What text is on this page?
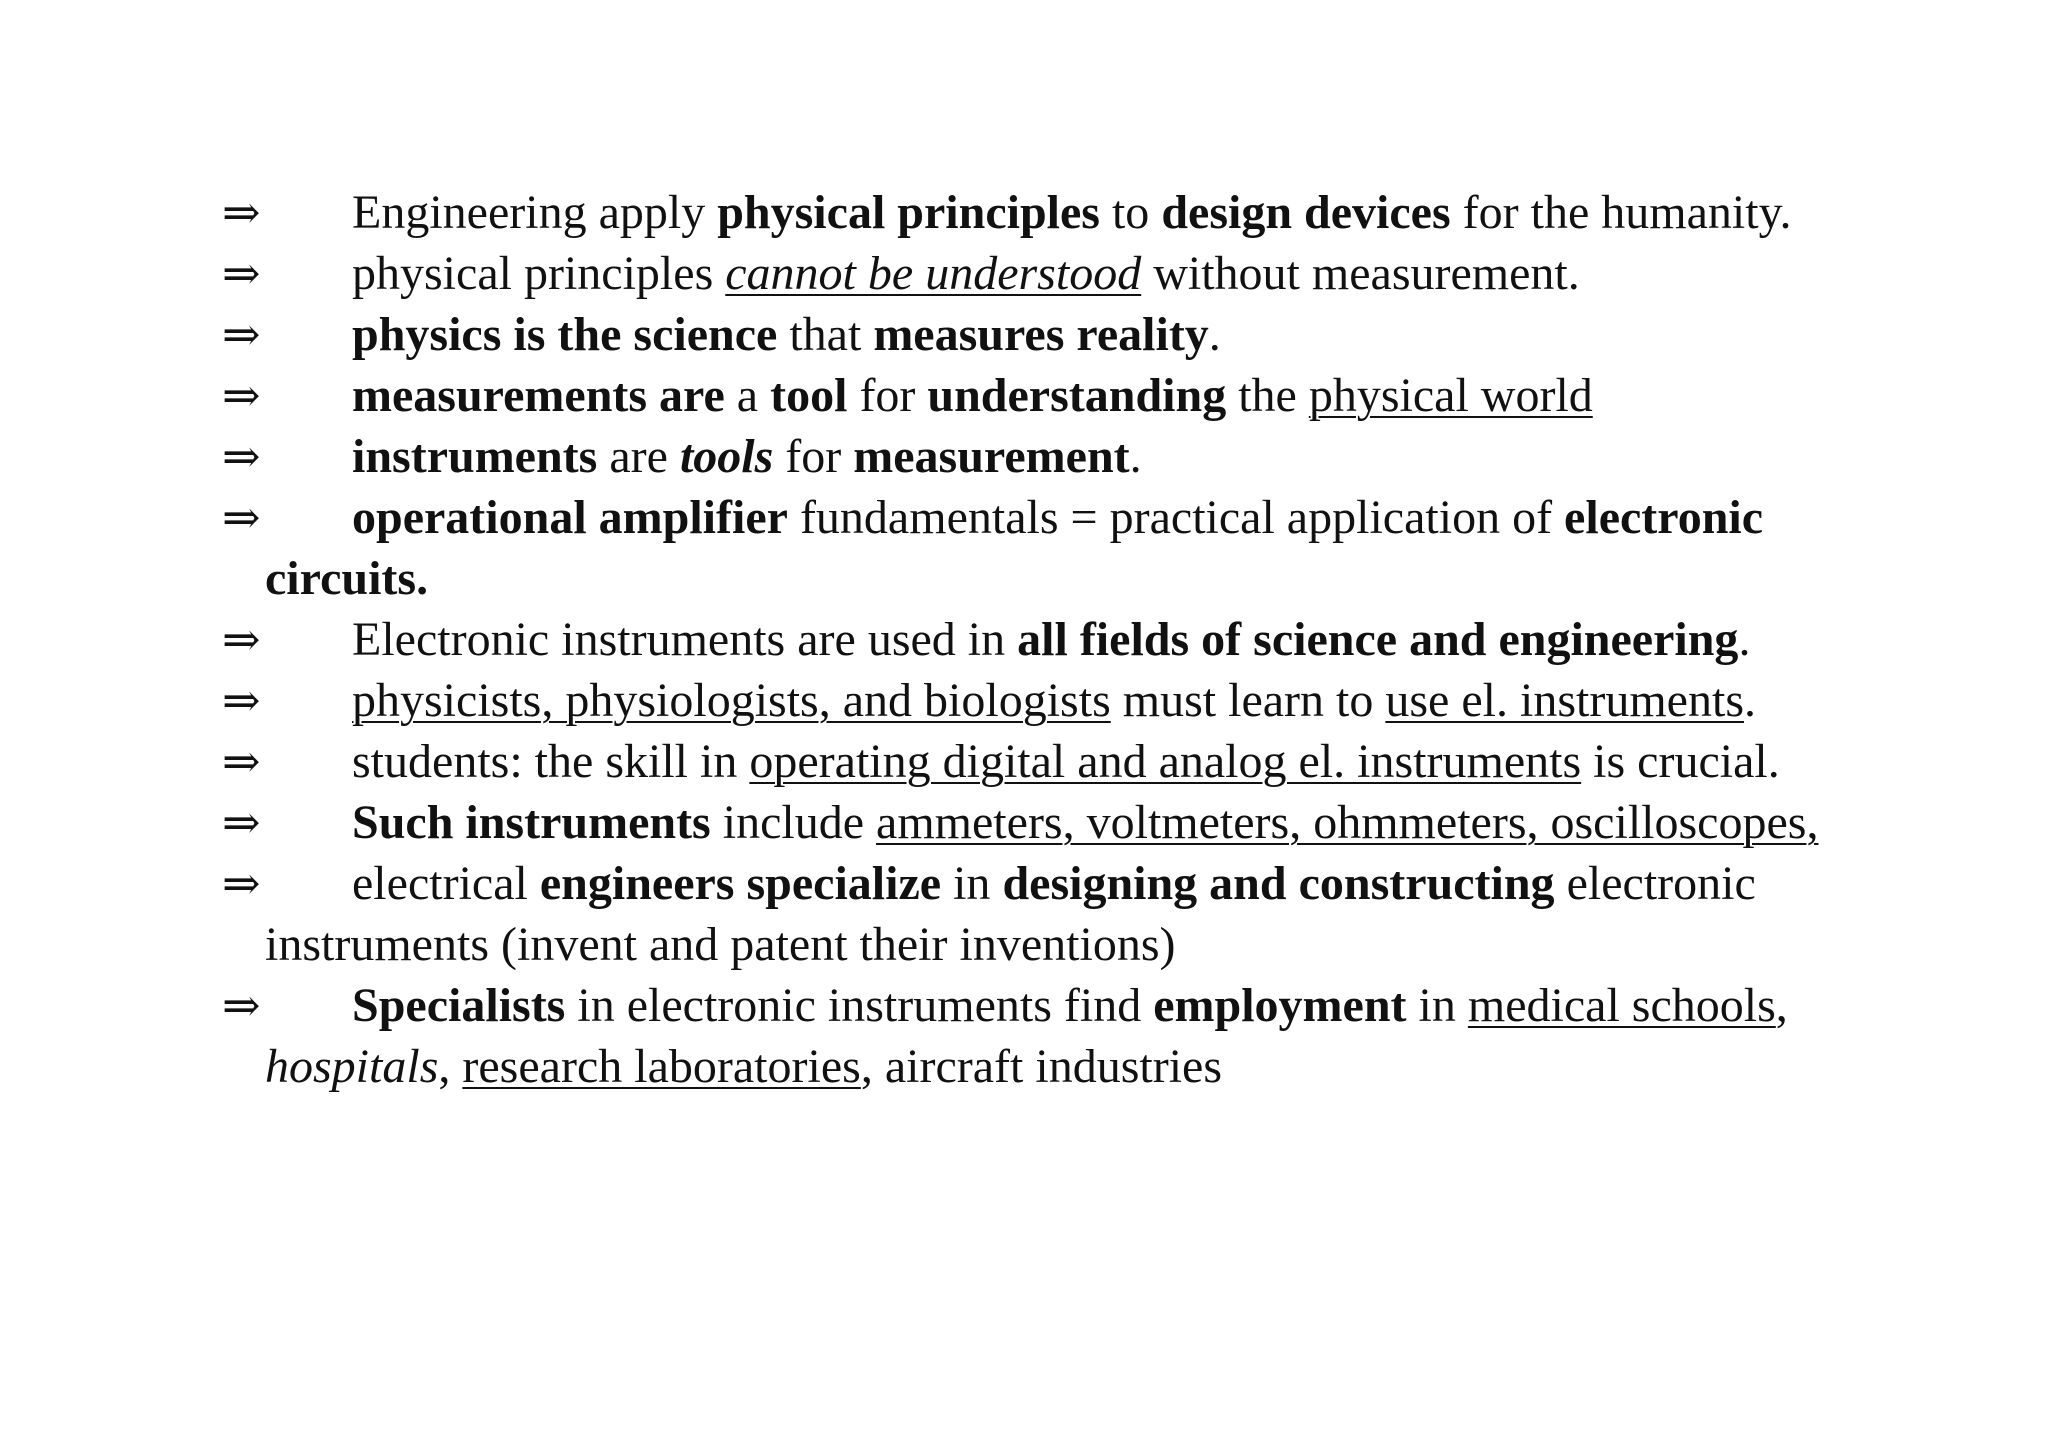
⇒	Engineering apply physical principles to design devices for the humanity.
⇒	physical principles cannot be understood without measurement.
⇒	physics is the science that measures reality.
⇒	measurements are a tool for understanding the physical world
⇒	instruments are tools for measurement.
⇒	operational amplifier fundamentals = practical application of electronic circuits.
⇒	Electronic instruments are used in all fields of science and engineering.
⇒	physicists, physiologists, and biologists must learn to use el. instruments.
⇒	students: the skill in operating digital and analog el. instruments is crucial.
⇒	Such instruments include ammeters, voltmeters, ohmmeters, oscilloscopes,
⇒	electrical engineers specialize in designing and constructing electronic instruments (invent and patent their inventions)
⇒	Specialists in electronic instruments find employment in medical schools, hospitals, research laboratories, aircraft industries
